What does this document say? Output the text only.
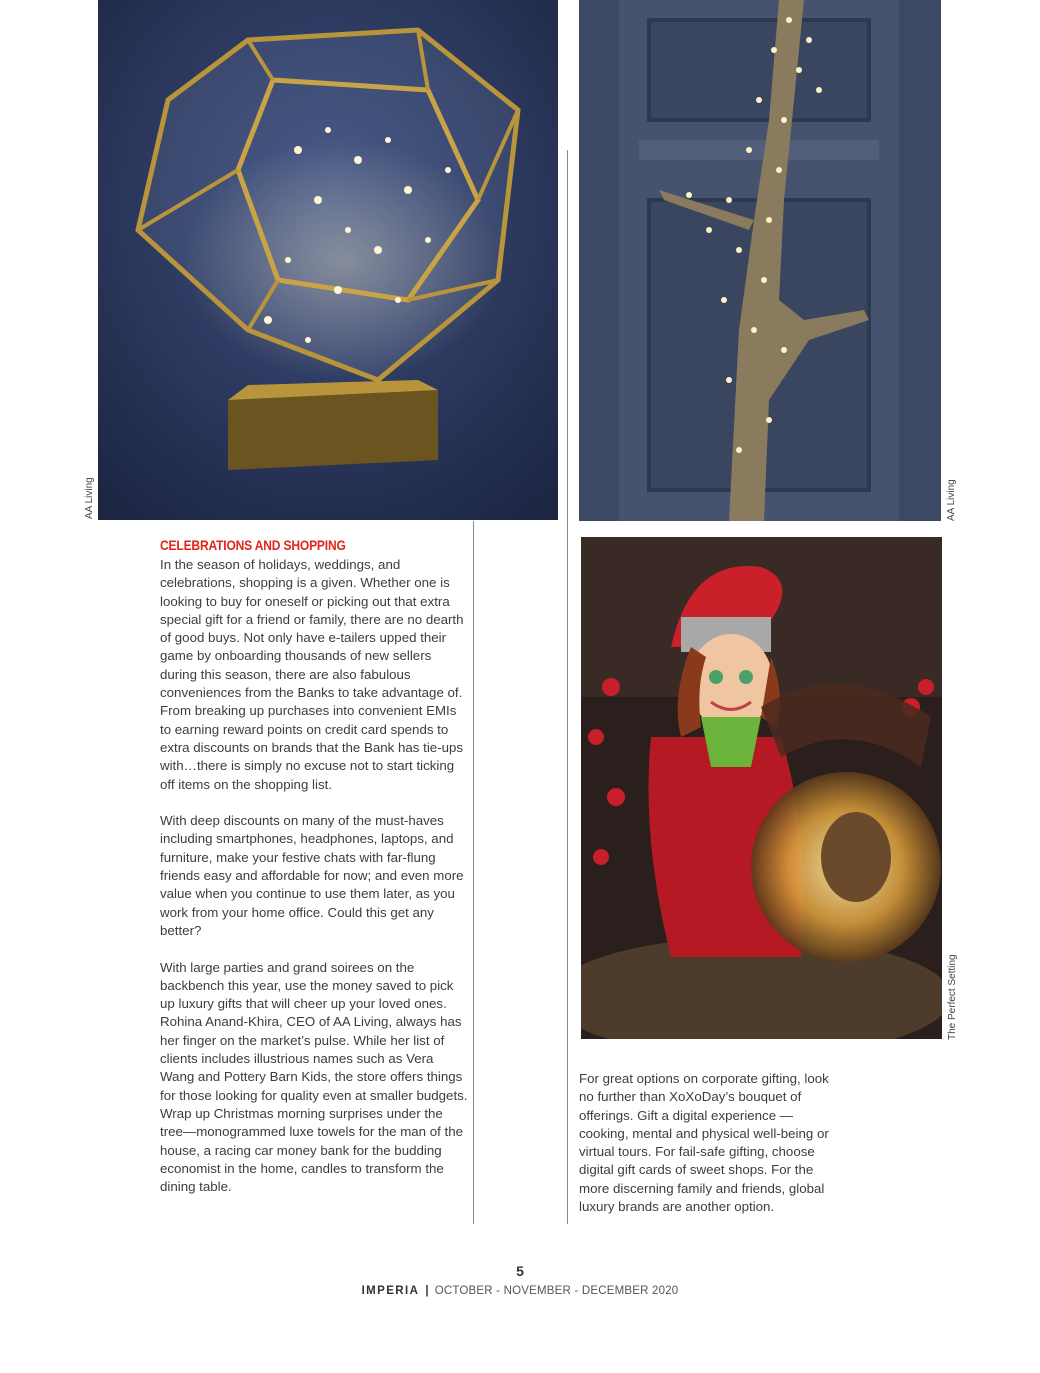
AA Living	AA Living
The Perfect Setting
CELEBRATIONS AND SHOPPING

In the season of holidays, weddings, and celebrations, shopping is a given. Whether one is looking to buy for oneself or picking out that extra special gift for a friend or family, there are no dearth of good buys. Not only have e-tailers upped their game by onboarding thousands of new sellers during this season, there are also fabulous conveniences from the Banks to take advantage of. From breaking up purchases into convenient EMIs to earning reward points on credit card spends to extra discounts on brands that the Bank has tie-ups with…there is simply no excuse not to start ticking off items on the shopping list.

With deep discounts on many of the must-haves including smartphones, headphones, laptops, and furniture, make your festive chats with far-flung friends easy and affordable for now; and even more value when you continue to use them later, as you work from your home office. Could this get any better?

With large parties and grand soirees on the backbench this year, use the money saved to pick up luxury gifts that will cheer up your loved ones. Rohina Anand-Khira, CEO of AA Living, always has her finger on the market’s pulse. While her list of clients includes illustrious names such as Vera Wang and Pottery Barn Kids, the store offers things for those looking for quality even at smaller budgets. Wrap up Christmas morning surprises under the tree—monogrammed luxe towels for the man of the house, a racing car money bank for the budding economist in the home, candles to transform the dining table.

For great options on corporate gifting, look no further than XoXoDay’s bouquet of offerings. Gift a digital experience — cooking, mental and physical well-being or virtual tours. For fail-safe gifting, choose digital gift cards of sweet shops. For the more discerning family and friends, global luxury brands are another option.

5
IMPERIA | OCTOBER - NOVEMBER - DECEMBER 2020
